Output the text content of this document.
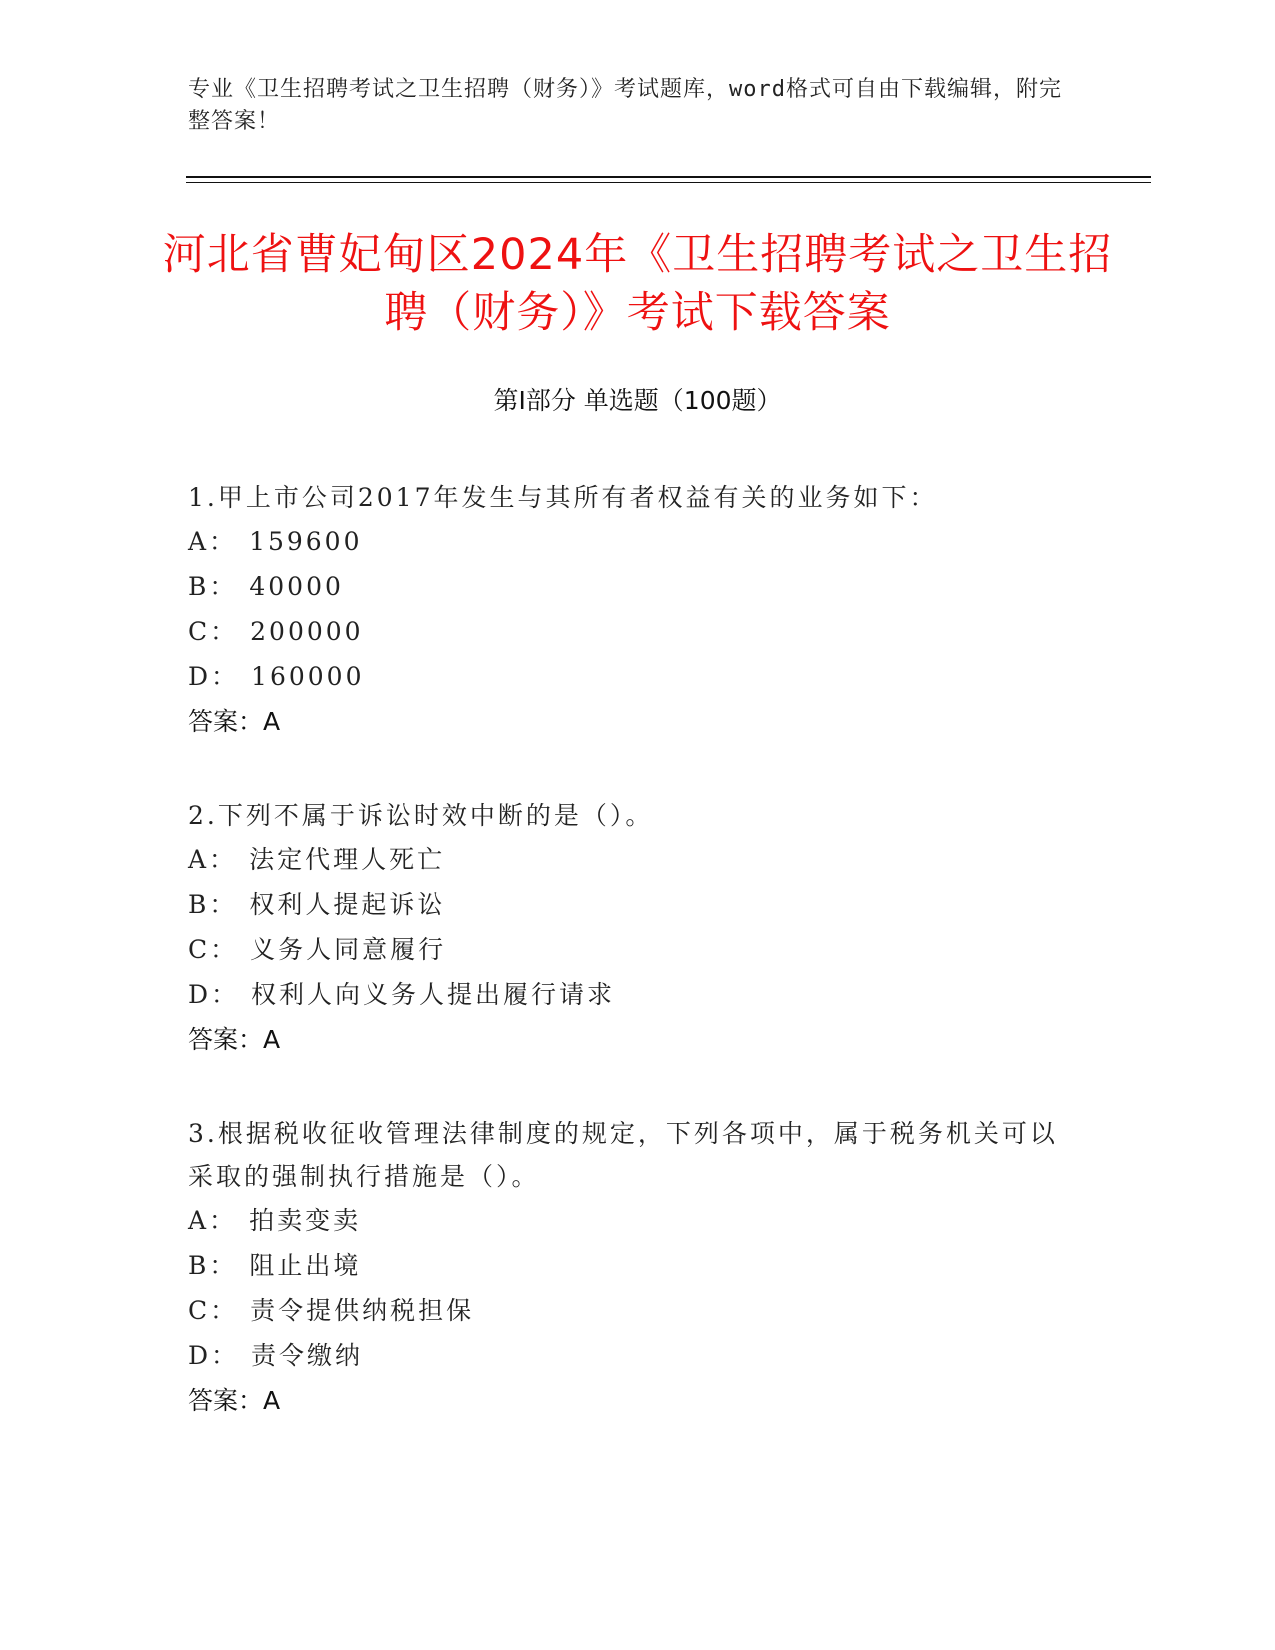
专业《卫生招聘考试之卫生招聘（财务）》考试题库，word格式可自由下载编辑，附完整答案！
河北省曹妃甸区2024年《卫生招聘考试之卫生招聘（财务）》考试下载答案
第Ⅰ部分 单选题（100题）

1.甲上市公司2017年发生与其所有者权益有关的业务如下：

A： 159600

B： 40000

C： 200000

D： 160000

答案：A

2.下列不属于诉讼时效中断的是（）。

A： 法定代理人死亡

B： 权利人提起诉讼

C： 义务人同意履行

D： 权利人向义务人提出履行请求

答案：A

3.根据税收征收管理法律制度的规定，下列各项中，属于税务机关可以采取的强制执行措施是（）。

A： 拍卖变卖

B： 阻止出境

C： 责令提供纳税担保

D： 责令缴纳

答案：A
